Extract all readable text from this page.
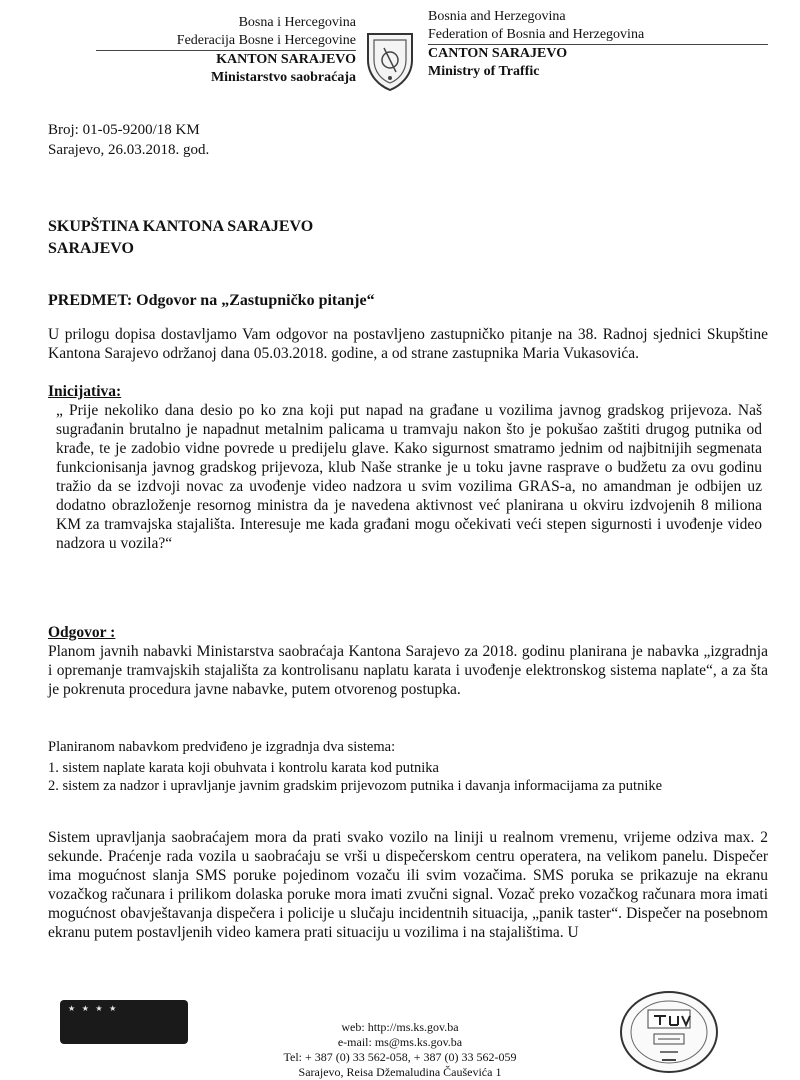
Bosna i Hercegovina
Federacija Bosne i Hercegovine
KANTON SARAJEVO
Ministarstvo saobraćaja
Bosnia and Herzegovina
Federation of Bosnia and Herzegovina
CANTON SARAJEVO
Ministry of Traffic
Broj: 01-05-9200/18 KM
Sarajevo, 26.03.2018. god.
SKUPŠTINA KANTONA SARAJEVO
SARAJEVO
PREDMET: Odgovor na „Zastupničko pitanje“
U prilogu dopisa dostavljamo Vam odgovor na postavljeno zastupničko pitanje na 38. Radnoj sjednici Skupštine Kantona Sarajevo održanoj dana 05.03.2018. godine, a od strane zastupnika Maria Vukasovića.
Inicijativa:
„ Prije nekoliko dana desio po ko zna koji put napad na građane u vozilima javnog gradskog prijevoza. Naš sugrađanin brutalno je napadnut metalnim palicama u tramvaju nakon što je pokušao zaštiti drugog putnika od krađe, te je zadobio vidne povrede u predijelu glave. Kako sigurnost smatramo jednim od najbitnijih segmenata funkcionisanja javnog gradskog prijevoza, klub Naše stranke je u toku javne rasprave o budžetu za ovu godinu tražio da se izdvoji novac za uvođenje video nadzora u svim vozilima GRAS-a, no amandman je odbijen uz dodatno obrazloženje resornog ministra da je navedena aktivnost već planirana u okviru izdvojenih 8 miliona KM za tramvajska stajališta. Interesuje me kada građani mogu očekivati veći stepen sigurnosti i uvođenje video nadzora u vozila?“
Odgovor :
Planom javnih nabavki Ministarstva saobraćaja Kantona Sarajevo za 2018. godinu planirana je nabavka „izgradnja i opremanje tramvajskih stajališta za kontrolisanu naplatu karata i uvođenje elektronskog sistema naplate“, a za šta je pokrenuta procedura javne nabavke, putem otvorenog postupka.
Planiranom nabavkom predviđeno je izgradnja dva sistema:
1. sistem naplate karata koji obuhvata i kontrolu karata kod putnika
2. sistem za nadzor i upravljanje javnim gradskim prijevozom putnika i davanja informacijama za putnike
Sistem upravljanja saobraćajem mora da prati svako vozilo na liniji u realnom vremenu, vrijeme odziva max. 2 sekunde. Praćenje rada vozila u saobraćaju se vrši u dispečerskom centru operatera, na velikom panelu. Dispečer ima mogućnost slanja SMS poruke pojedinom vozaču ili svim vozačima. SMS poruka se prikazuje na ekranu vozačkog računara i prilikom dolaska poruke mora imati zvučni signal. Vozač preko vozačkog računara mora imati mogućnost obavještavanja dispečera i policije u slučaju incidentnih situacija, „panik taster“. Dispečer na posebnom ekranu putem postavljenih video kamera prati situaciju u vozilima i na stajalištima. U
★ ★ ★ ★

web: http://ms.ks.gov.ba
e-mail: ms@ms.ks.gov.ba
Tel: + 387 (0) 33 562-058, + 387 (0) 33 562-059
Sarajevo, Reisa Džemaludina Čauševića 1
